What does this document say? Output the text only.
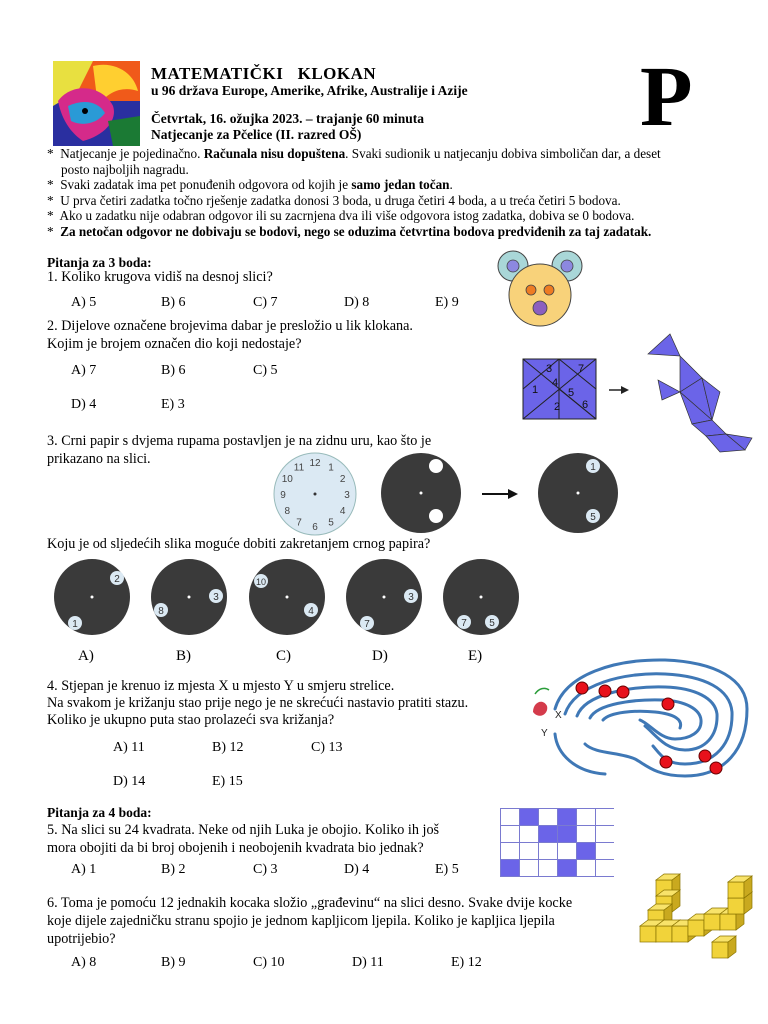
MATEMATIČKI   KLOKAN
u 96 država Europe, Amerike, Afrike, Australije i Azije
Četvrtak, 16. ožujka 2023. – trajanje 60 minuta
Natjecanje za Pčelice (II. razred OŠ)	P
* Natjecanje je pojedinačno. Računala nisu dopuštena. Svaki sudionik u natjecanju dobiva simboličan dar, a deset
posto najboljih nagradu.
* Svaki zadatak ima pet ponuđenih odgovora od kojih je samo jedan točan.
* U prva četiri zadatka točno rješenje zadatka donosi 3 boda, u druga četiri 4 boda, a u treća četiri 5 bodova.
* Ako u zadatku nije odabran odgovor ili su zacrnjena dva ili više odgovora istog zadatka, dobiva se 0 bodova.
* Za netočan odgovor ne dobivaju se bodovi, nego se oduzima četvrtina bodova predviđenih za taj zadatak.
Pitanja za 3 boda:
1. Koliko krugova vidiš na desnoj slici?
A) 5	B) 6	C) 7	D) 8	E) 9
2. Dijelove označene brojevima dabar je presložio u lik klokana.
Kojim je brojem označen dio koji nedostaje?
A) 7	B) 6	C) 5
D) 4	E) 3
3 7
1
4
5
2 6
3. Crni papir s dvjema rupama postavljen je na zidnu uru, kao što je
prikazano na slici.	12 1
2
3
4
5
6
7
8
9
10
11	1
5
Koju je od sljedećih slika moguće dobiti zakretanjem crnog papira?
2
1
3
8
10
4
3
7	7 5
A)	B)	C)	D)	E)
4. Stjepan je krenuo iz mjesta X u mjesto Y u smjeru strelice.
Na svakom je križanju stao prije nego je ne skrećući nastavio pratiti stazu.
Koliko je ukupno puta stao prolazeći sva križanja?
A) 11	B) 12	C) 13
D) 14	E) 15
X
Y
Pitanja za 4 boda:
5. Na slici su 24 kvadrata. Neke od njih Luka je obojio. Koliko ih još
mora obojiti da bi broj obojenih i neobojenih kvadrata bio jednak?
A) 1	B) 2	C) 3	D) 4	E) 5
6. Toma je pomoću 12 jednakih kocaka složio „građevinu“ na slici desno. Svake dvije kocke
koje dijele zajedničku stranu spojio je jednom kapljicom ljepila. Koliko je kapljica ljepila
upotrijebio?
A) 8	B) 9	C) 10	D) 11	E) 12
